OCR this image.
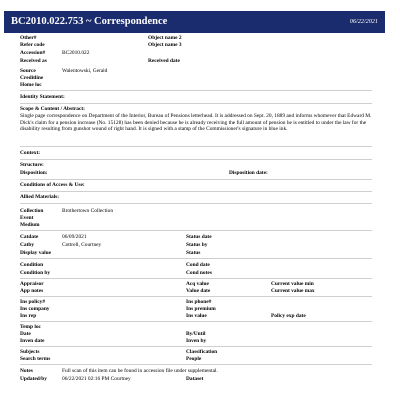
BC2010.022.753 ~ Correspondence	06/22/2021
Other#	Object name 2
Refer code	Object name 3
Accession#	BC2010.022
Received as	Received date
Source	Walentowski, Gerald
Creditline
Home loc
Identity Statement:
Scope & Content / Abstract:
Single page correspondence on Department of the Interior, Bureau of Pensions letterhead. It is addressed on Sept. 20, 1889 and informs whomever that Edward M. Dick's claim for a pension increase (No. 15128) has been denied because he is already receiving the full amount of pension he is entitled to under the law for the disability resulting from gunshot wound of right hand. It is signed with a stamp of the Commissioner's signature in blue ink.
Context:
Structure:
Disposition:	Disposition date:
Conditions of Access & Use:
Allied Materials:
Collection	Brothertown Collection
Event
Medium
Catdate	06/09/2021	Status date
Catby	Cottrell, Courtney	Status by
Display value	Status
Condition	Cond date
Condition by	Cond notes
Appraisor	Acq value	Current value min
App notes	Value date	Current value max
Ins policy#	Ins phone#
Ins company	Ins premium
Ins rep	Ins value	Policy exp date
Temp loc
Date	By/Until
Inven date	Inven by
Subjects	Classification
Search terms	People
Notes	Full scan of this item can be found in accession file under supplemental.
Updated/by	06/22/2021 02:16 PM Courtney	Dataset
